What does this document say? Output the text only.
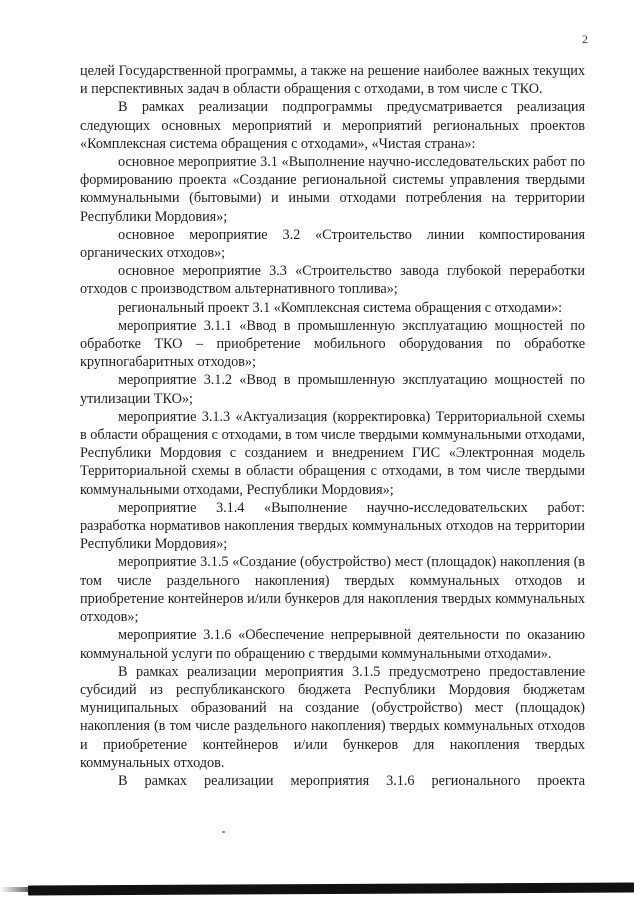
2

целей Государственной программы, а также на решение наиболее важных текущих и перспективных задач в области обращения с отходами, в том числе с ТКО.

В рамках реализации подпрограммы предусматривается реализация следующих основных мероприятий и мероприятий региональных проектов «Комплексная система обращения с отходами», «Чистая страна»:

основное мероприятие 3.1 «Выполнение научно-исследовательских работ по формированию проекта «Создание региональной системы управления твердыми коммунальными (бытовыми) и иными отходами потребления на территории Республики Мордовия»;

основное мероприятие 3.2 «Строительство линии компостирования органических отходов»;

основное мероприятие 3.3 «Строительство завода глубокой переработки отходов с производством альтернативного топлива»;

региональный проект 3.1 «Комплексная система обращения с отходами»:

мероприятие 3.1.1 «Ввод в промышленную эксплуатацию мощностей по обработке ТКО – приобретение мобильного оборудования по обработке крупногабаритных отходов»;

мероприятие 3.1.2 «Ввод в промышленную эксплуатацию мощностей по утилизации ТКО»;

мероприятие 3.1.3 «Актуализация (корректировка) Территориальной схемы в области обращения с отходами, в том числе твердыми коммунальными отходами, Республики Мордовия с созданием и внедрением ГИС «Электронная модель Территориальной схемы в области обращения с отходами, в том числе твердыми коммунальными отходами, Республики Мордовия»;

мероприятие 3.1.4 «Выполнение научно-исследовательских работ: разработка нормативов накопления твердых коммунальных отходов на территории Республики Мордовия»;

мероприятие 3.1.5 «Создание (обустройство) мест (площадок) накопления (в том числе раздельного накопления) твердых коммунальных отходов и приобретение контейнеров и/или бункеров для накопления твердых коммунальных отходов»;

мероприятие 3.1.6 «Обеспечение непрерывной деятельности по оказанию коммунальной услуги по обращению с твердыми коммунальными отходами».

В рамках реализации мероприятия 3.1.5 предусмотрено предоставление субсидий из республиканского бюджета Республики Мордовия бюджетам муниципальных образований на создание (обустройство) мест (площадок) накопления (в том числе раздельного накопления) твердых коммунальных отходов и приобретение контейнеров и/или бункеров для накопления твердых коммунальных отходов.

В рамках реализации мероприятия 3.1.6 регионального проекта
